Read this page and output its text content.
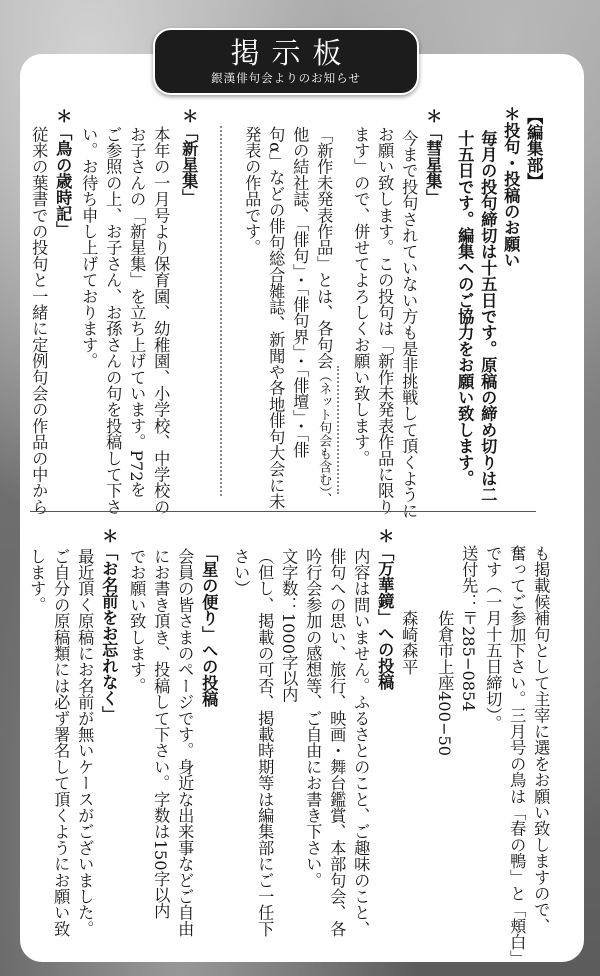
掲示板
銀漢俳句会よりのお知らせ
【編集部】
＊投句・投稿のお願い
毎月の投句締切は十五日です。原稿の締め切りは二
十五日です。編集へのご協力をお願い致します。
＊「彗星集」
今まで投句されていない方も是非挑戦して頂くように
お願い致します。この投句は「新作未発表作品に限り
ます」ので、併せてよろしくお願い致します。
「新作未発表作品」とは、各句会（ネット句会も含む）、
他の結社誌、「俳句」・「俳句界」・「俳壇」・「俳
句α」などの俳句総合雑誌、新聞や各地俳句大会に未
発表の作品です。
＊「新星集」
本年の一月号より保育園、幼稚園、小学校、中学校の
お子さんの「新星集」を立ち上げています。P72を
ご参照の上、お子さん、お孫さんの句を投稿して下さ
い。お待ち申し上げております。
＊「鳥の歳時記」
従来の葉書での投句と一緒に定例句会の作品の中から
も掲載候補句として主宰に選をお願い致しますので、
奮ってご参加下さい。三月号の鳥は「春の鴨」と「頬白」
です（一月十五日締切）。
送付先：〒285−0854
佐倉市上座400−50
森崎森平
＊「万華鏡」への投稿
内容は問いません。ふるさとのこと、ご趣味のこと、
俳句への思い、旅行、映画・舞台鑑賞、本部句会、各
吟行会参加の感想等、ご自由にお書き下さい。
文字数：1000字以内
（但し、掲載の可否、掲載時期等は編集部にご一任下
さい）
「星の便り」への投稿
会員の皆さまのページです。身近な出来事などご自由
にお書き頂き、投稿して下さい。字数は150字以内
でお願い致します。
＊「お名前をお忘れなく」
最近頂く原稿にお名前が無いケースがございました。
ご自分の原稿類には必ず署名して頂くようにお願い致
します。
